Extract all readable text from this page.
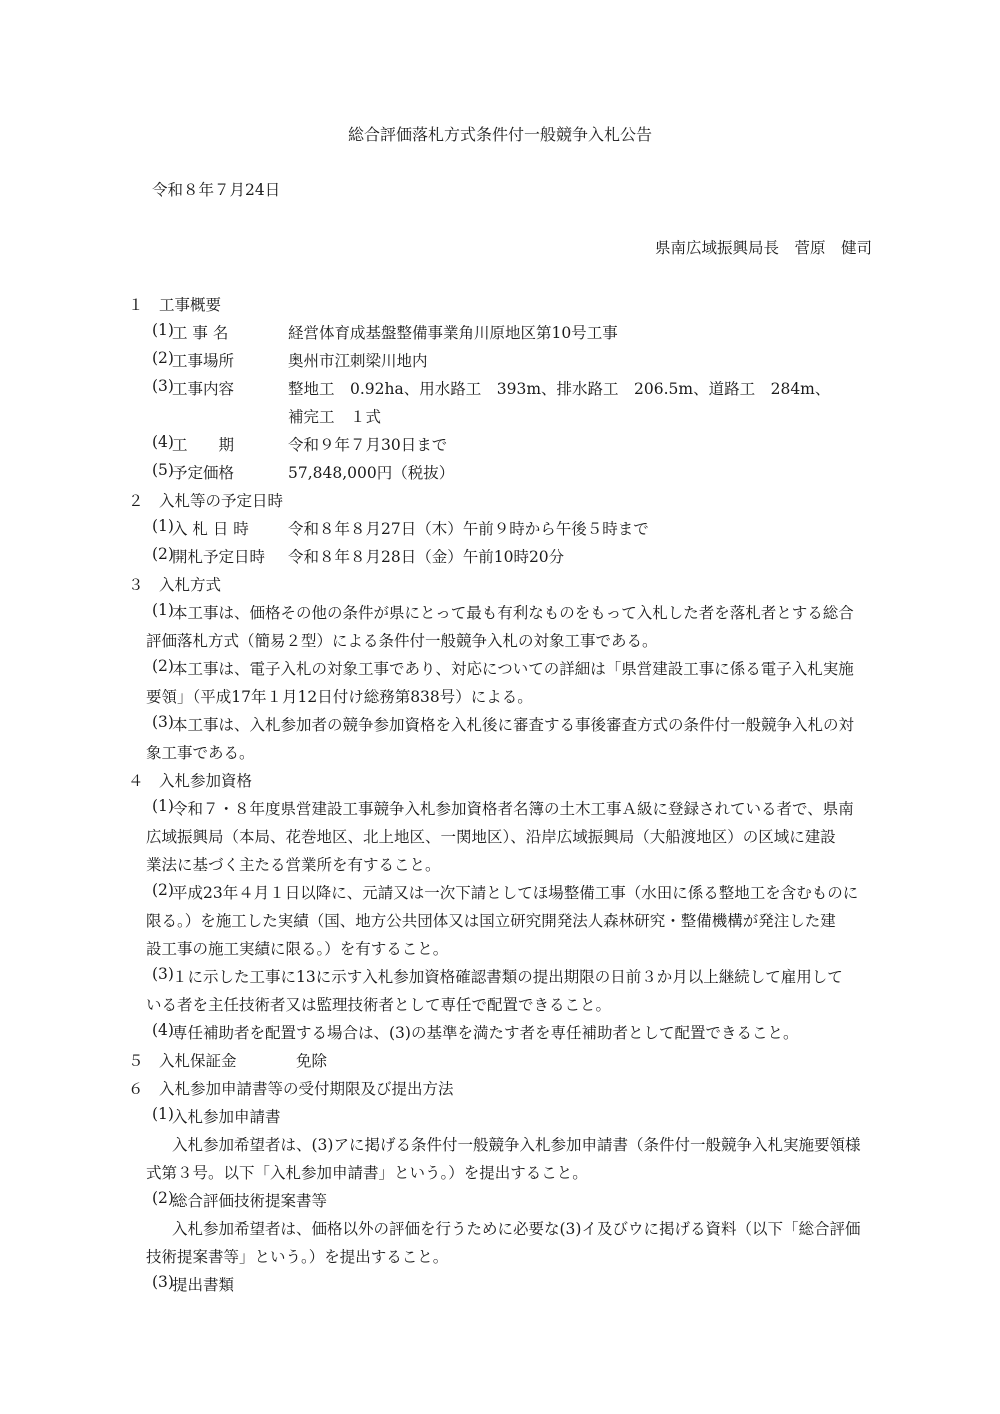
総合評価落札方式条件付一般競争入札公告
令和８年７月24日
県南広域振興局長　菅原　健司
１　工事概要
(1)
工 事 名	経営体育成基盤整備事業角川原地区第10号工事
(2)
工事場所	奥州市江刺梁川地内
(3)
工事内容	整地工　0.92ha、用水路工　393m、排水路工　206.5m、道路工　284m、
補完工　１式
(4)
工　　期	令和９年７月30日まで
(5)
予定価格	57,848,000円（税抜）
２　入札等の予定日時
(1)
入 札 日 時	令和８年８月27日（木）午前９時から午後５時まで
(2)
開札予定日時 令和８年８月28日（金）午前10時20分
３　入札方式
(1)
本工事は、価格その他の条件が県にとって最も有利なものをもって入札した者を落札者とする総合
評価落札方式（簡易２型）による条件付一般競争入札の対象工事である。
(2)
本工事は、電子入札の対象工事であり、対応についての詳細は「県営建設工事に係る電子入札実施
要領」（平成17年１月12日付け総務第838号）による。
(3)
本工事は、入札参加者の競争参加資格を入札後に審査する事後審査方式の条件付一般競争入札の対
象工事である。
４　入札参加資格
(1)
令和７・８年度県営建設工事競争入札参加資格者名簿の土木工事Ａ級に登録されている者で、県南
広域振興局（本局、花巻地区、北上地区、一関地区）、沿岸広域振興局（大船渡地区）の区域に建設
業法に基づく主たる営業所を有すること。
(2)
平成23年４月１日以降に、元請又は一次下請としてほ場整備工事（水田に係る整地工を含むものに
限る。）を施工した実績（国、地方公共団体又は国立研究開発法人森林研究・整備機構が発注した建
設工事の施工実績に限る。）を有すること。
(3)
１に示した工事に13に示す入札参加資格確認書類の提出期限の日前３か月以上継続して雇用して
いる者を主任技術者又は監理技術者として専任で配置できること。
(4)
専任補助者を配置する場合は、(3)の基準を満たす者を専任補助者として配置できること。
５　入札保証金	免除
６　入札参加申請書等の受付期限及び提出方法
(1)
入札参加申請書
入札参加希望者は、(3)アに掲げる条件付一般競争入札参加申請書（条件付一般競争入札実施要領様
式第３号。以下「入札参加申請書」という。）を提出すること。
(2)
総合評価技術提案書等
入札参加希望者は、価格以外の評価を行うために必要な(3)イ及びウに掲げる資料（以下「総合評価
技術提案書等」という。）を提出すること。
(3)
提出書類
